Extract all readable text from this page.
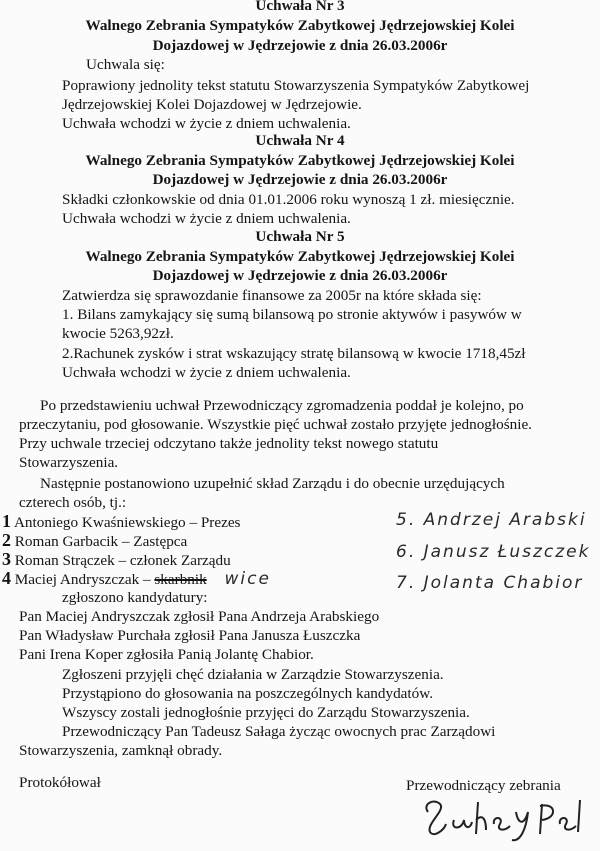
Uchwała Nr 3
Walnego Zebrania Sympatyków Zabytkowej Jędrzejowskiej Kolei
Dojazdowej w Jędrzejowie z dnia 26.03.2006r
Uchwala się:
Poprawiony jednolity tekst statutu Stowarzyszenia Sympatyków Zabytkowej
Jędrzejowskiej Kolei Dojazdowej w Jędrzejowie.
Uchwała wchodzi w życie z dniem uchwalenia.
Uchwała Nr 4
Walnego Zebrania Sympatyków Zabytkowej Jędrzejowskiej Kolei
Dojazdowej w Jędrzejowie z dnia 26.03.2006r
Składki członkowskie od dnia 01.01.2006 roku wynoszą 1 zł. miesięcznie.
Uchwała wchodzi w życie z dniem uchwalenia.
Uchwała Nr 5
Walnego Zebrania Sympatyków Zabytkowej Jędrzejowskiej Kolei
Dojazdowej w Jędrzejowie z dnia 26.03.2006r
Zatwierdza się sprawozdanie finansowe za 2005r na które składa się:
1. Bilans zamykający się sumą bilansową po stronie aktywów i pasywów w
kwocie 5263,92zł.
2.Rachunek zysków i strat wskazujący stratę bilansową w kwocie 1718,45zł
Uchwała wchodzi w życie z dniem uchwalenia.
Po przedstawieniu uchwał Przewodniczący zgromadzenia poddał je kolejno, po
przeczytaniu, pod głosowanie. Wszystkie pięć uchwał zostało przyjęte jednogłośnie.
Przy uchwale trzeciej odczytano także jednolity tekst nowego statutu
Stowarzyszenia.
Następnie postanowiono uzupełnić skład Zarządu i do obecnie urzędujących
czterech osób, tj.:
1 Antoniego Kwaśniewskiego – Prezes
2 Roman Garbacik – Zastępca
3 Roman Strączek – członek Zarządu
4 Maciej Andryszczak – skarbnik wice
5. Andrzej Arabski
6. Janusz Łuszczek
7. Jolanta Chabior
zgłoszono kandydatury:
Pan Maciej Andryszczak zgłosił Pana Andrzeja Arabskiego
Pan Władysław Purchała zgłosił Pana Janusza Łuszczka
Pani Irena Koper zgłosiła Panią Jolantę Chabior.
Zgłoszeni przyjęli chęć działania w Zarządzie Stowarzyszenia.
Przystąpiono do głosowania na poszczególnych kandydatów.
Wszyscy zostali jednogłośnie przyjęci do Zarządu Stowarzyszenia.
Przewodniczący Pan Tadeusz Sałaga życząc owocnych prac Zarządowi
Stowarzyszenia, zamknął obrady.
Protokółował	Przewodniczący zebrania
